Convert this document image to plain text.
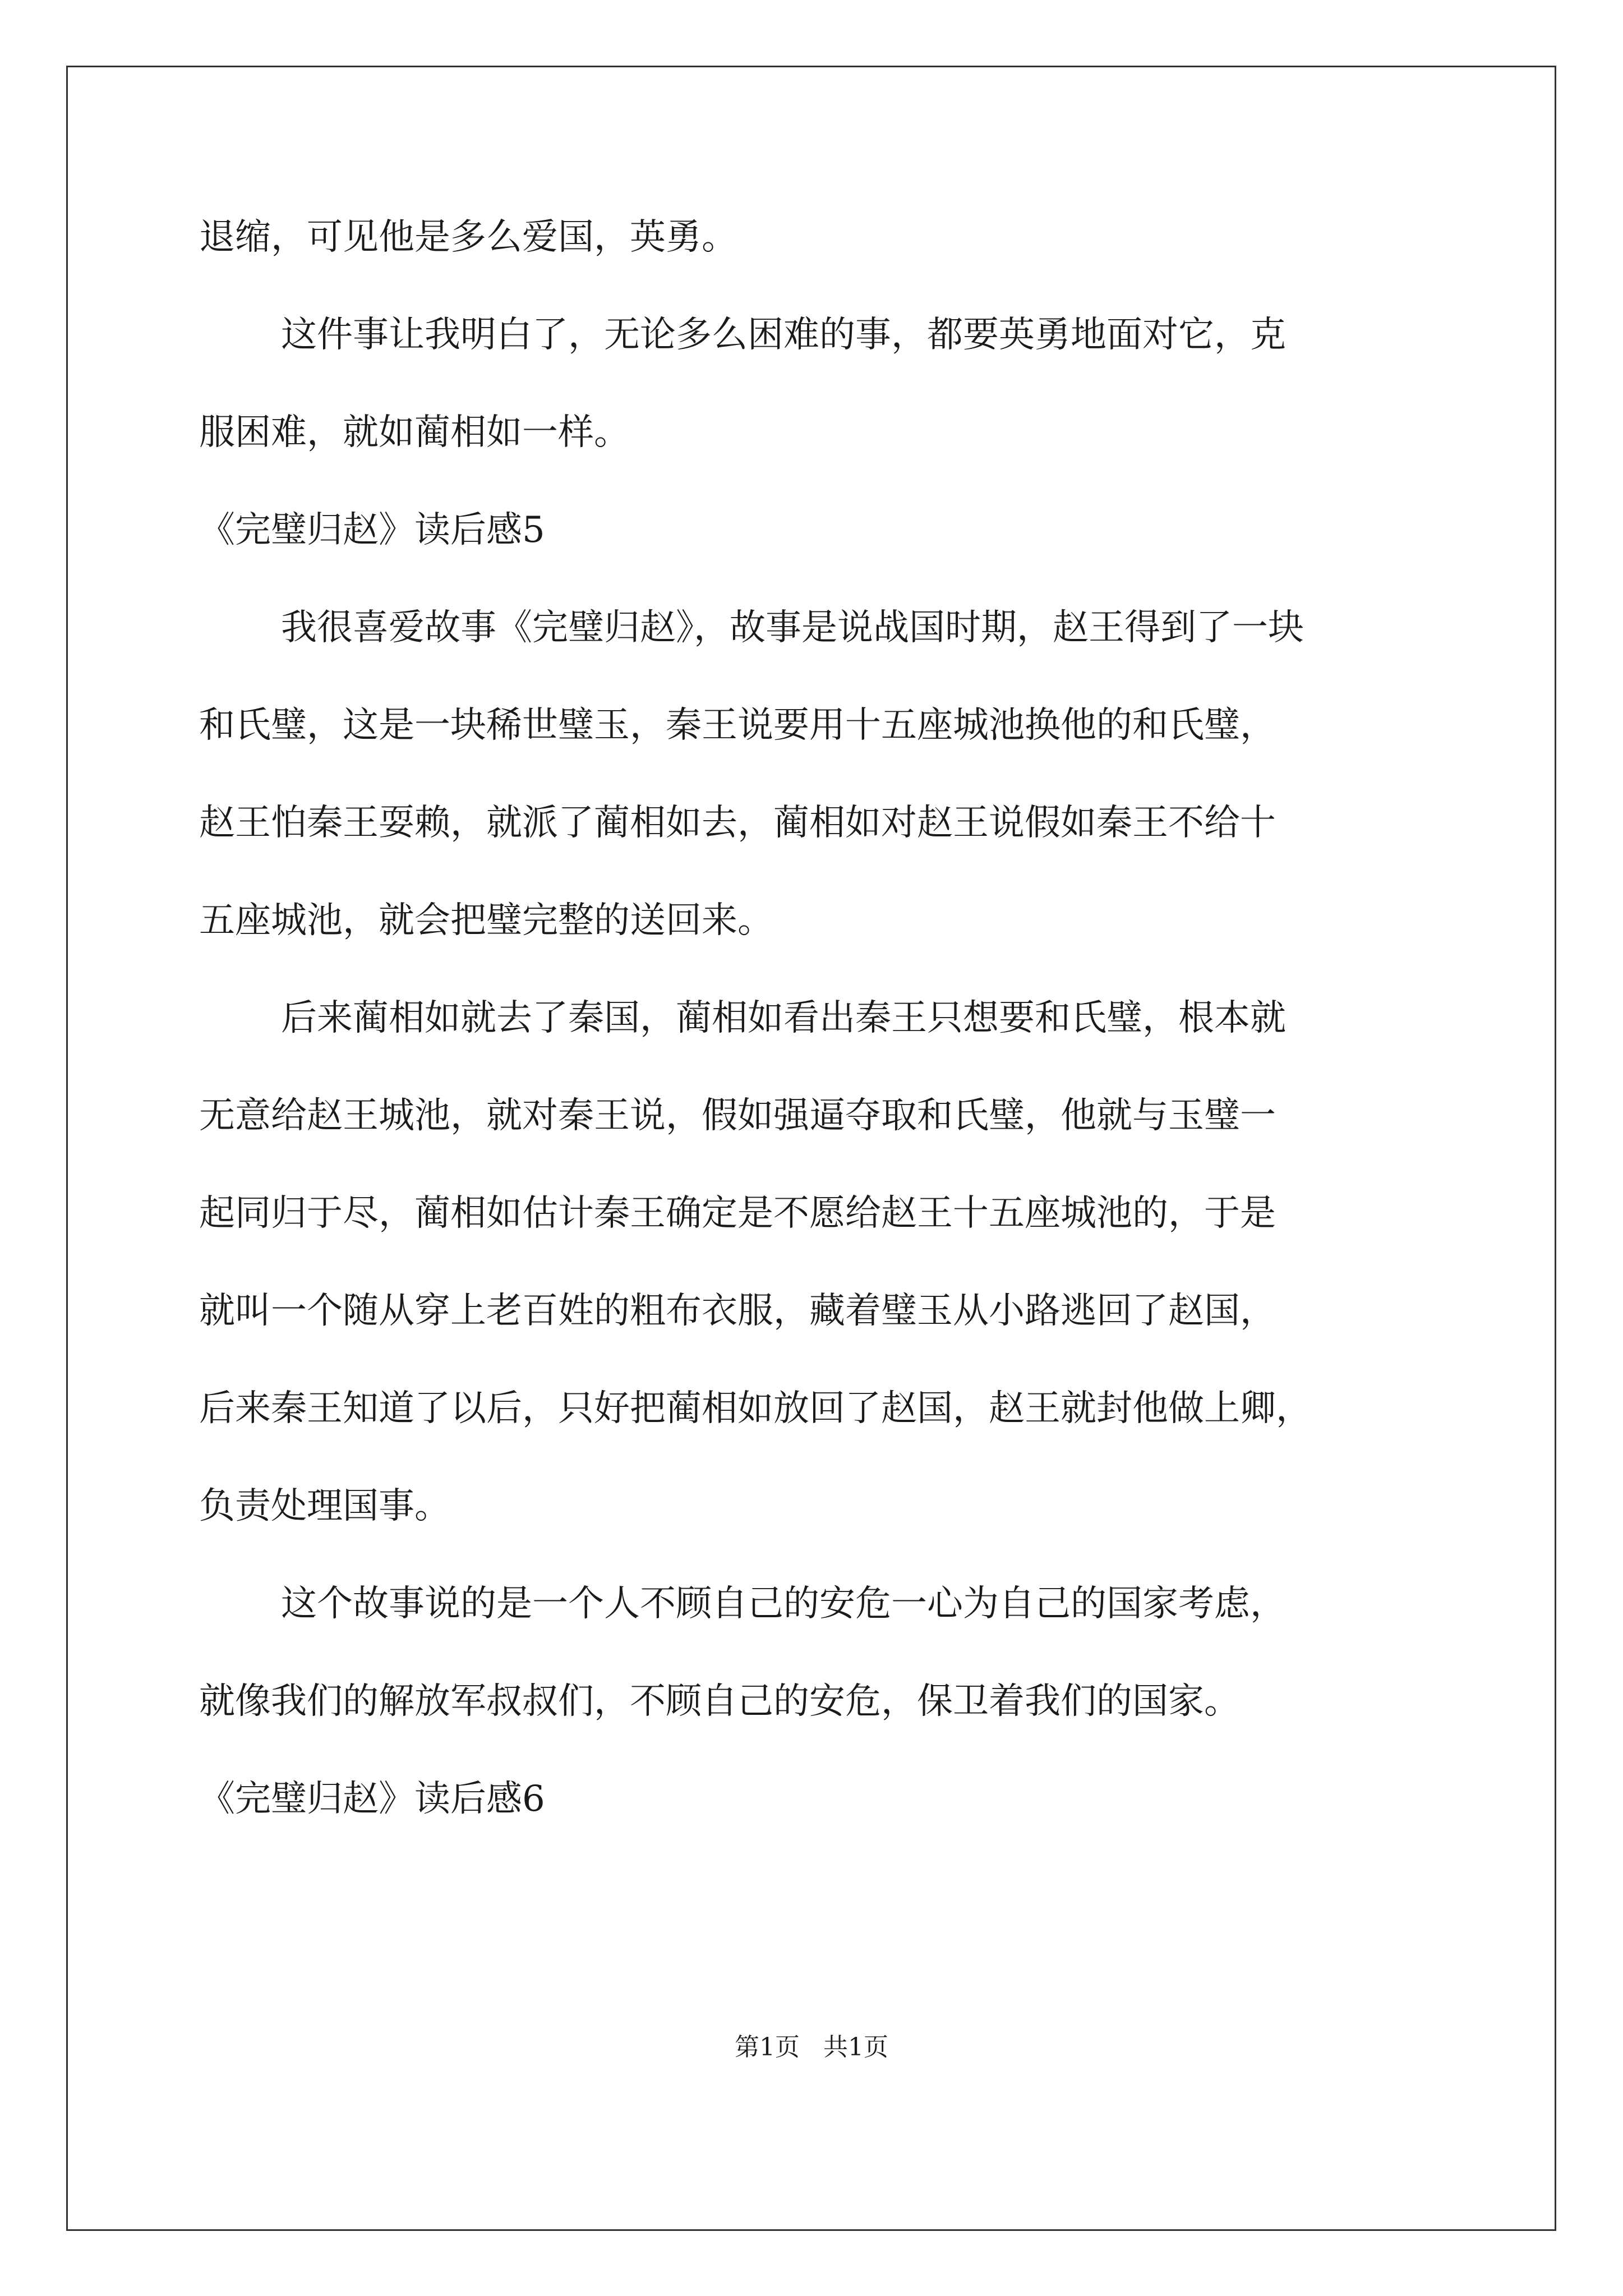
退缩，可见他是多么爱国，英勇。
这件事让我明白了，无论多么困难的事，都要英勇地面对它，克
服困难，就如蔺相如一样。
《完璧归赵》读后感5
我很喜爱故事《完璧归赵》，故事是说战国时期，赵王得到了一块
和氏璧，这是一块稀世璧玉，秦王说要用十五座城池换他的和氏璧，
赵王怕秦王耍赖，就派了蔺相如去，蔺相如对赵王说假如秦王不给十
五座城池，就会把璧完整的送回来。
后来蔺相如就去了秦国，蔺相如看出秦王只想要和氏璧，根本就
无意给赵王城池，就对秦王说，假如强逼夺取和氏璧，他就与玉璧一
起同归于尽，蔺相如估计秦王确定是不愿给赵王十五座城池的，于是
就叫一个随从穿上老百姓的粗布衣服，藏着璧玉从小路逃回了赵国，
后来秦王知道了以后，只好把蔺相如放回了赵国，赵王就封他做上卿，
负责处理国事。
这个故事说的是一个人不顾自己的安危一心为自己的国家考虑，
就像我们的解放军叔叔们，不顾自己的安危，保卫着我们的国家。
《完璧归赵》读后感6
第1页   共1页
